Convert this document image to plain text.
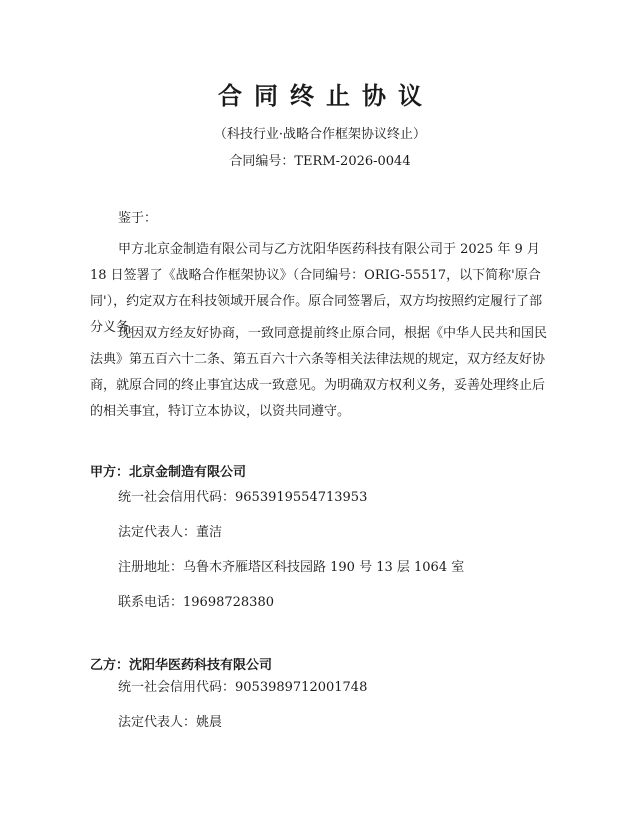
合同终止协议

（科技行业·战略合作框架协议终止）

合同编号：TERM-2026-0044

鉴于：

甲方北京金制造有限公司与乙方沈阳华医药科技有限公司于 2025 年 9 月 18 日签署了《战略合作框架协议》（合同编号：ORIG-55517，以下简称'原合同'），约定双方在科技领域开展合作。原合同签署后，双方均按照约定履行了部分义务。

现因双方经友好协商，一致同意提前终止原合同，根据《中华人民共和国民法典》第五百六十二条、第五百六十六条等相关法律法规的规定，双方经友好协商，就原合同的终止事宜达成一致意见。为明确双方权利义务，妥善处理终止后的相关事宜，特订立本协议，以资共同遵守。

甲方：北京金制造有限公司

统一社会信用代码：9653919554713953

法定代表人：董洁

注册地址：乌鲁木齐雁塔区科技园路 190 号 13 层 1064 室

联系电话：19698728380

乙方：沈阳华医药科技有限公司

统一社会信用代码：9053989712001748

法定代表人：姚晨
